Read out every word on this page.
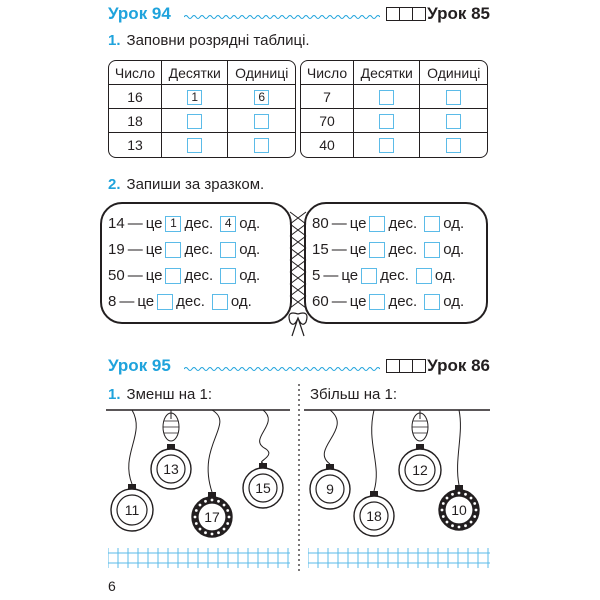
Урок 94	Урок 85
1. Заповни розрядні таблиці.
Число	Десятки	Одиниці
16	1	6
18		
13		
Число	Десятки	Одиниці
7		
70		
40		
2. Запиши за зразком.
14 — це 1 дес. 4 од.
19 — це дес. од.
50 — це дес. од.
8 — це дес. од.
80 — це дес. од.
15 — це дес. од.
5 — це дес. од.
60 — це дес. од.
Урок 95	Урок 86
1. Зменш на 1:	Збільш на 1:
11
13
17
15	9
18
12
10
6
